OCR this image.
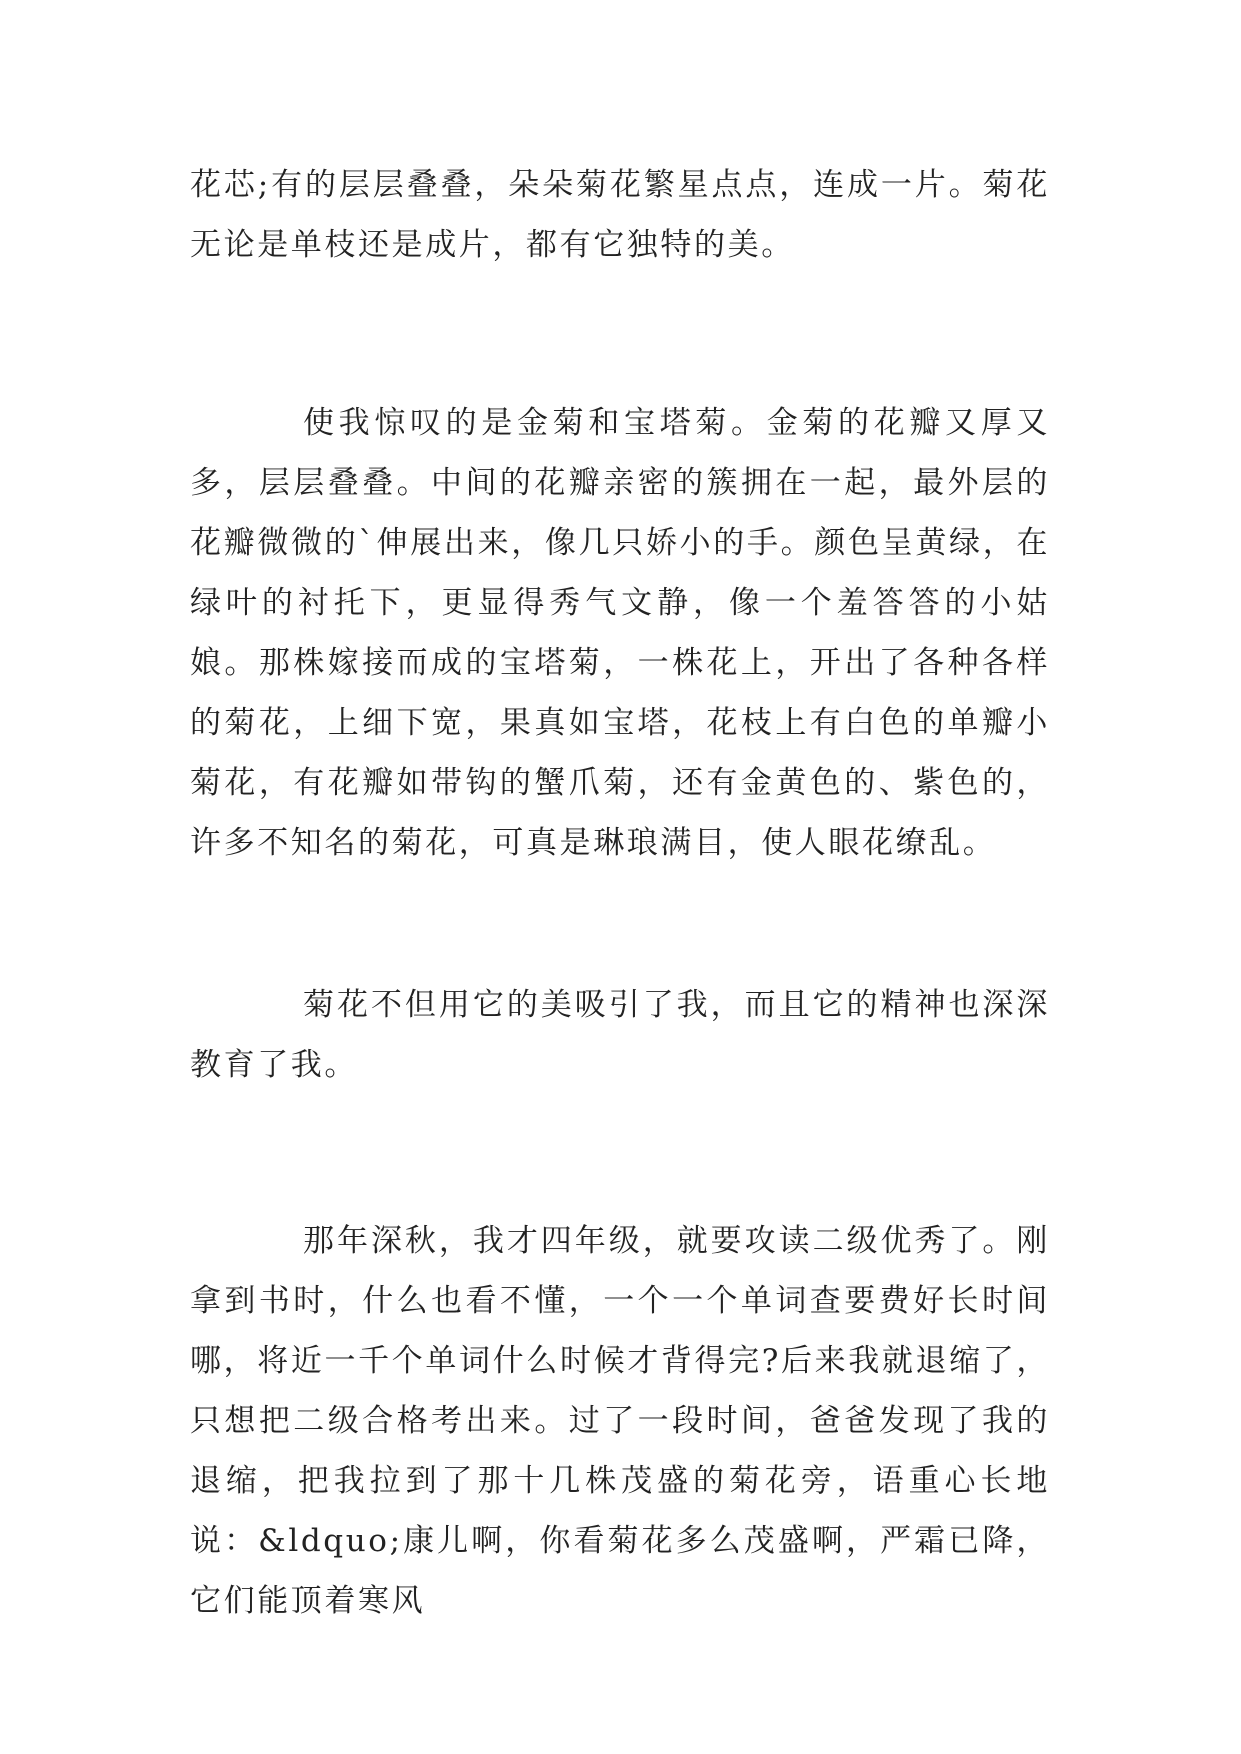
花芯;有的层层叠叠，朵朵菊花繁星点点，连成一片。菊花无论是单枝还是成片，都有它独特的美。

使我惊叹的是金菊和宝塔菊。金菊的花瓣又厚又多，层层叠叠。中间的花瓣亲密的簇拥在一起，最外层的花瓣微微的`伸展出来，像几只娇小的手。颜色呈黄绿，在绿叶的衬托下，更显得秀气文静，像一个羞答答的小姑娘。那株嫁接而成的宝塔菊，一株花上，开出了各种各样的菊花，上细下宽，果真如宝塔，花枝上有白色的单瓣小菊花，有花瓣如带钩的蟹爪菊，还有金黄色的、紫色的，许多不知名的菊花，可真是琳琅满目，使人眼花缭乱。

菊花不但用它的美吸引了我，而且它的精神也深深教育了我。

那年深秋，我才四年级，就要攻读二级优秀了。刚拿到书时，什么也看不懂，一个一个单词查要费好长时间哪，将近一千个单词什么时候才背得完?后来我就退缩了，只想把二级合格考出来。过了一段时间，爸爸发现了我的退缩，把我拉到了那十几株茂盛的菊花旁，语重心长地说：&ldquo;康儿啊，你看菊花多么茂盛啊，严霜已降，它们能顶着寒风
